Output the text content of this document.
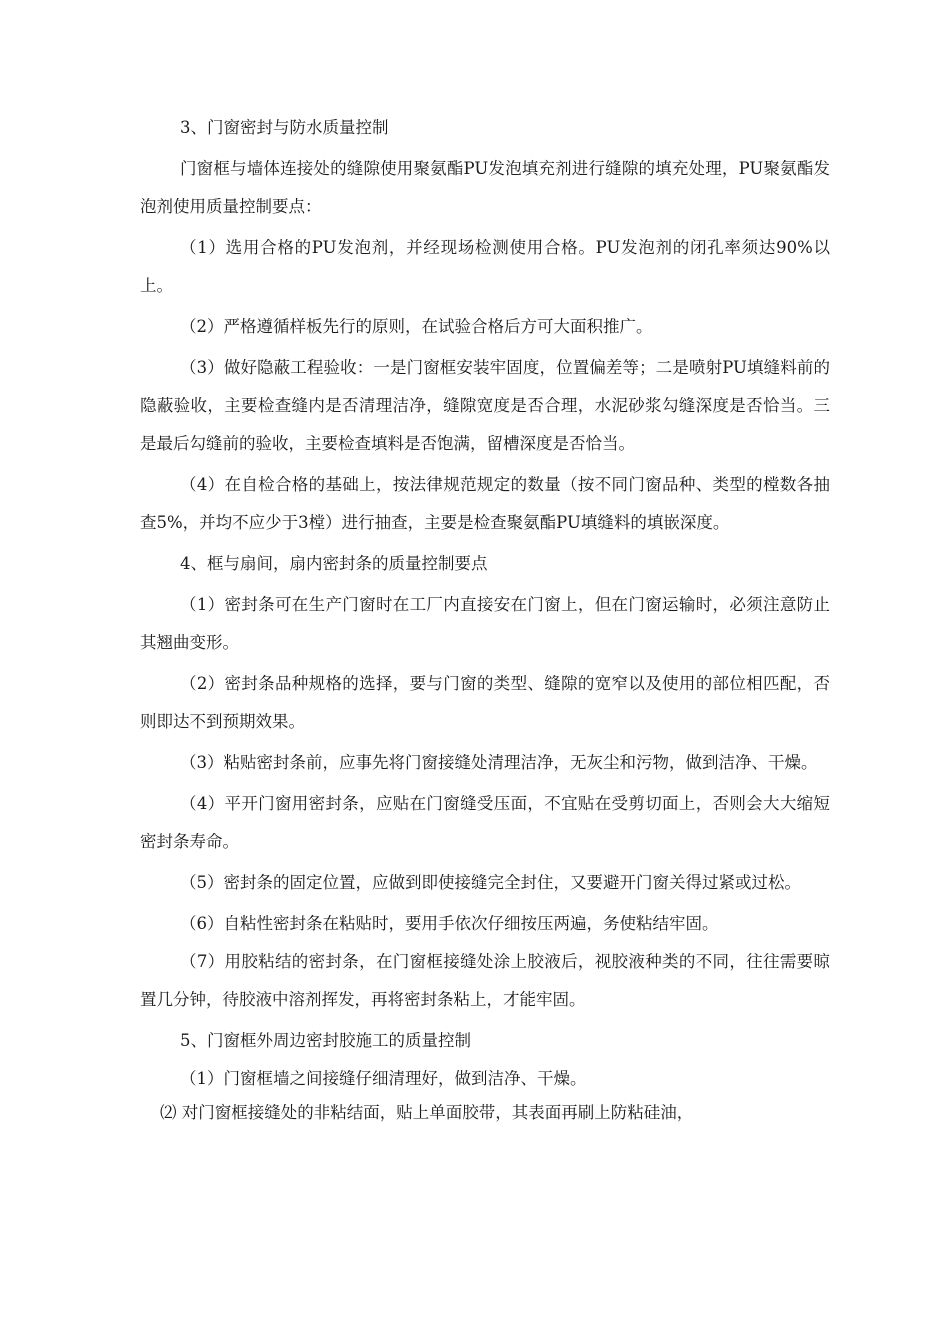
3、门窗密封与防水质量控制

门窗框与墙体连接处的缝隙使用聚氨酯PU发泡填充剂进行缝隙的填充处理，PU聚氨酯发泡剂使用质量控制要点：

（1）选用合格的PU发泡剂，并经现场检测使用合格。PU发泡剂的闭孔率须达90%以上。

（2）严格遵循样板先行的原则，在试验合格后方可大面积推广。

（3）做好隐蔽工程验收：一是门窗框安装牢固度，位置偏差等；二是喷射PU填缝料前的隐蔽验收，主要检查缝内是否清理洁净，缝隙宽度是否合理，水泥砂浆勾缝深度是否恰当。三是最后勾缝前的验收，主要检查填料是否饱满，留槽深度是否恰当。

（4）在自检合格的基础上，按法律规范规定的数量（按不同门窗品种、类型的樘数各抽查5%，并均不应少于3樘）进行抽查，主要是检查聚氨酯PU填缝料的填嵌深度。

4、框与扇间，扇内密封条的质量控制要点

（1）密封条可在生产门窗时在工厂内直接安在门窗上，但在门窗运输时，必须注意防止其翘曲变形。

（2）密封条品种规格的选择，要与门窗的类型、缝隙的宽窄以及使用的部位相匹配，否则即达不到预期效果。

（3）粘贴密封条前，应事先将门窗接缝处清理洁净，无灰尘和污物，做到洁净、干燥。

（4）平开门窗用密封条，应贴在门窗缝受压面，不宜贴在受剪切面上，否则会大大缩短密封条寿命。

（5）密封条的固定位置，应做到即使接缝完全封住，又要避开门窗关得过紧或过松。

（6）自粘性密封条在粘贴时，要用手依次仔细按压两遍，务使粘结牢固。

（7）用胶粘结的密封条，在门窗框接缝处涂上胶液后，视胶液种类的不同，往往需要晾置几分钟，待胶液中溶剂挥发，再将密封条粘上，才能牢固。

5、门窗框外周边密封胶施工的质量控制

（1）门窗框墙之间接缝仔细清理好，做到洁净、干燥。

⑵ 对门窗框接缝处的非粘结面，贴上单面胶带，其表面再刷上防粘硅油，
